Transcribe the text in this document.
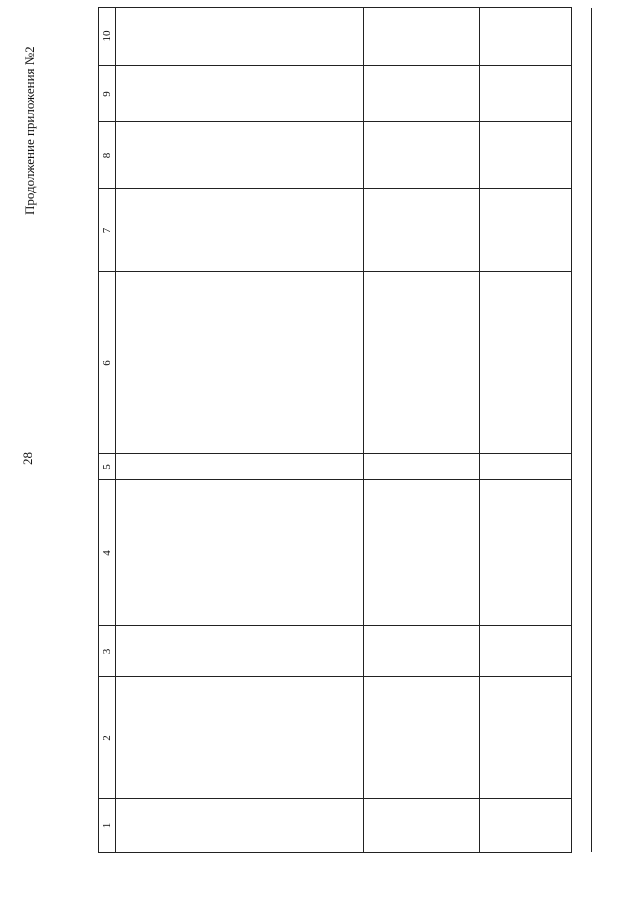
28
Продолжение приложения №2
1
2
3
4
5
6
7
8
9
10
